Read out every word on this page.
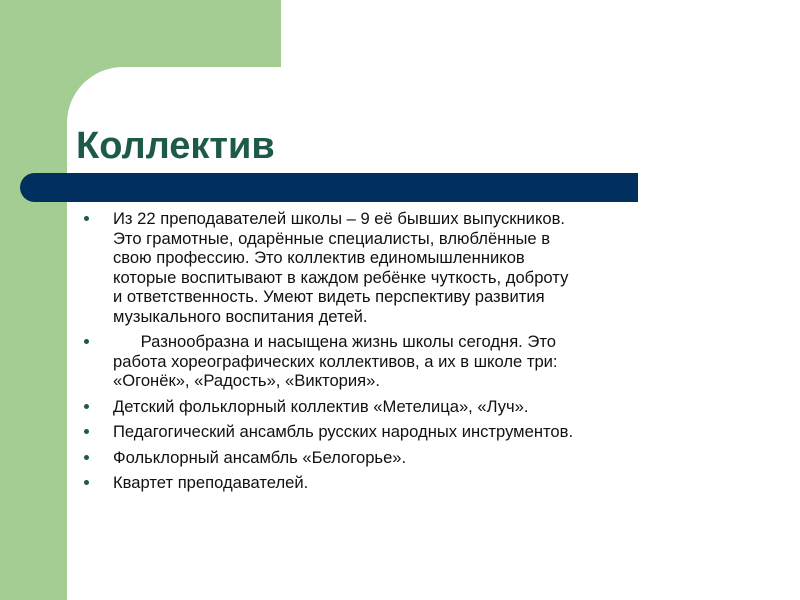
Коллектив
Из 22 преподавателей школы – 9 её бывших выпускников.
Это грамотные, одарённые специалисты, влюблённые в
свою профессию. Это коллектив единомышленников
которые воспитывают в каждом ребёнке чуткость, доброту
и ответственность. Умеют видеть перспективу развития
музыкального воспитания детей.
Разнообразна и насыщена жизнь школы сегодня. Это
работа хореографических коллективов, а их в школе три:
«Огонёк», «Радость», «Виктория».
Детский фольклорный коллектив «Метелица», «Луч».
Педагогический ансамбль русских народных инструментов.
Фольклорный ансамбль «Белогорье».
Квартет преподавателей.
